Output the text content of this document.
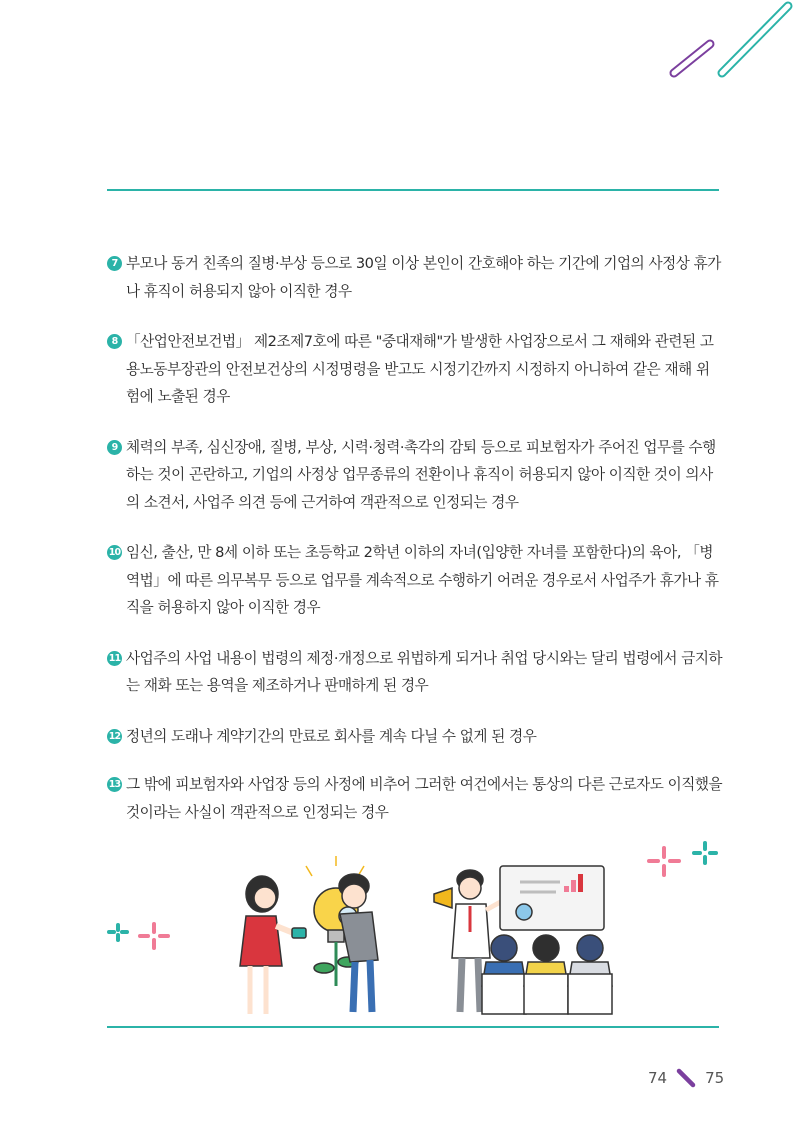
7 부모나 동거 친족의 질병·부상 등으로 30일 이상 본인이 간호해야 하는 기간에 기업의 사정상 휴가나 휴직이 허용되지 않아 이직한 경우
8 「산업안전보건법」 제2조제7호에 따른 "중대재해"가 발생한 사업장으로서 그 재해와 관련된 고용노동부장관의 안전보건상의 시정명령을 받고도 시정기간까지 시정하지 아니하여 같은 재해 위험에 노출된 경우
9 체력의 부족, 심신장애, 질병, 부상, 시력·청력·촉각의 감퇴 등으로 피보험자가 주어진 업무를 수행하는 것이 곤란하고, 기업의 사정상 업무종류의 전환이나 휴직이 허용되지 않아 이직한 것이 의사의 소견서, 사업주 의견 등에 근거하여 객관적으로 인정되는 경우
10 임신, 출산, 만 8세 이하 또는 초등학교 2학년 이하의 자녀(입양한 자녀를 포함한다)의 육아, 「병역법」에 따른 의무복무 등으로 업무를 계속적으로 수행하기 어려운 경우로서 사업주가 휴가나 휴직을 허용하지 않아 이직한 경우
11 사업주의 사업 내용이 법령의 제정·개정으로 위법하게 되거나 취업 당시와는 달리 법령에서 금지하는 재화 또는 용역을 제조하거나 판매하게 된 경우
12 정년의 도래나 계약기간의 만료로 회사를 계속 다닐 수 없게 된 경우
13 그 밖에 피보험자와 사업장 등의 사정에 비추어 그러한 여건에서는 통상의 다른 근로자도 이직했을 것이라는 사실이 객관적으로 인정되는 경우
74	75
